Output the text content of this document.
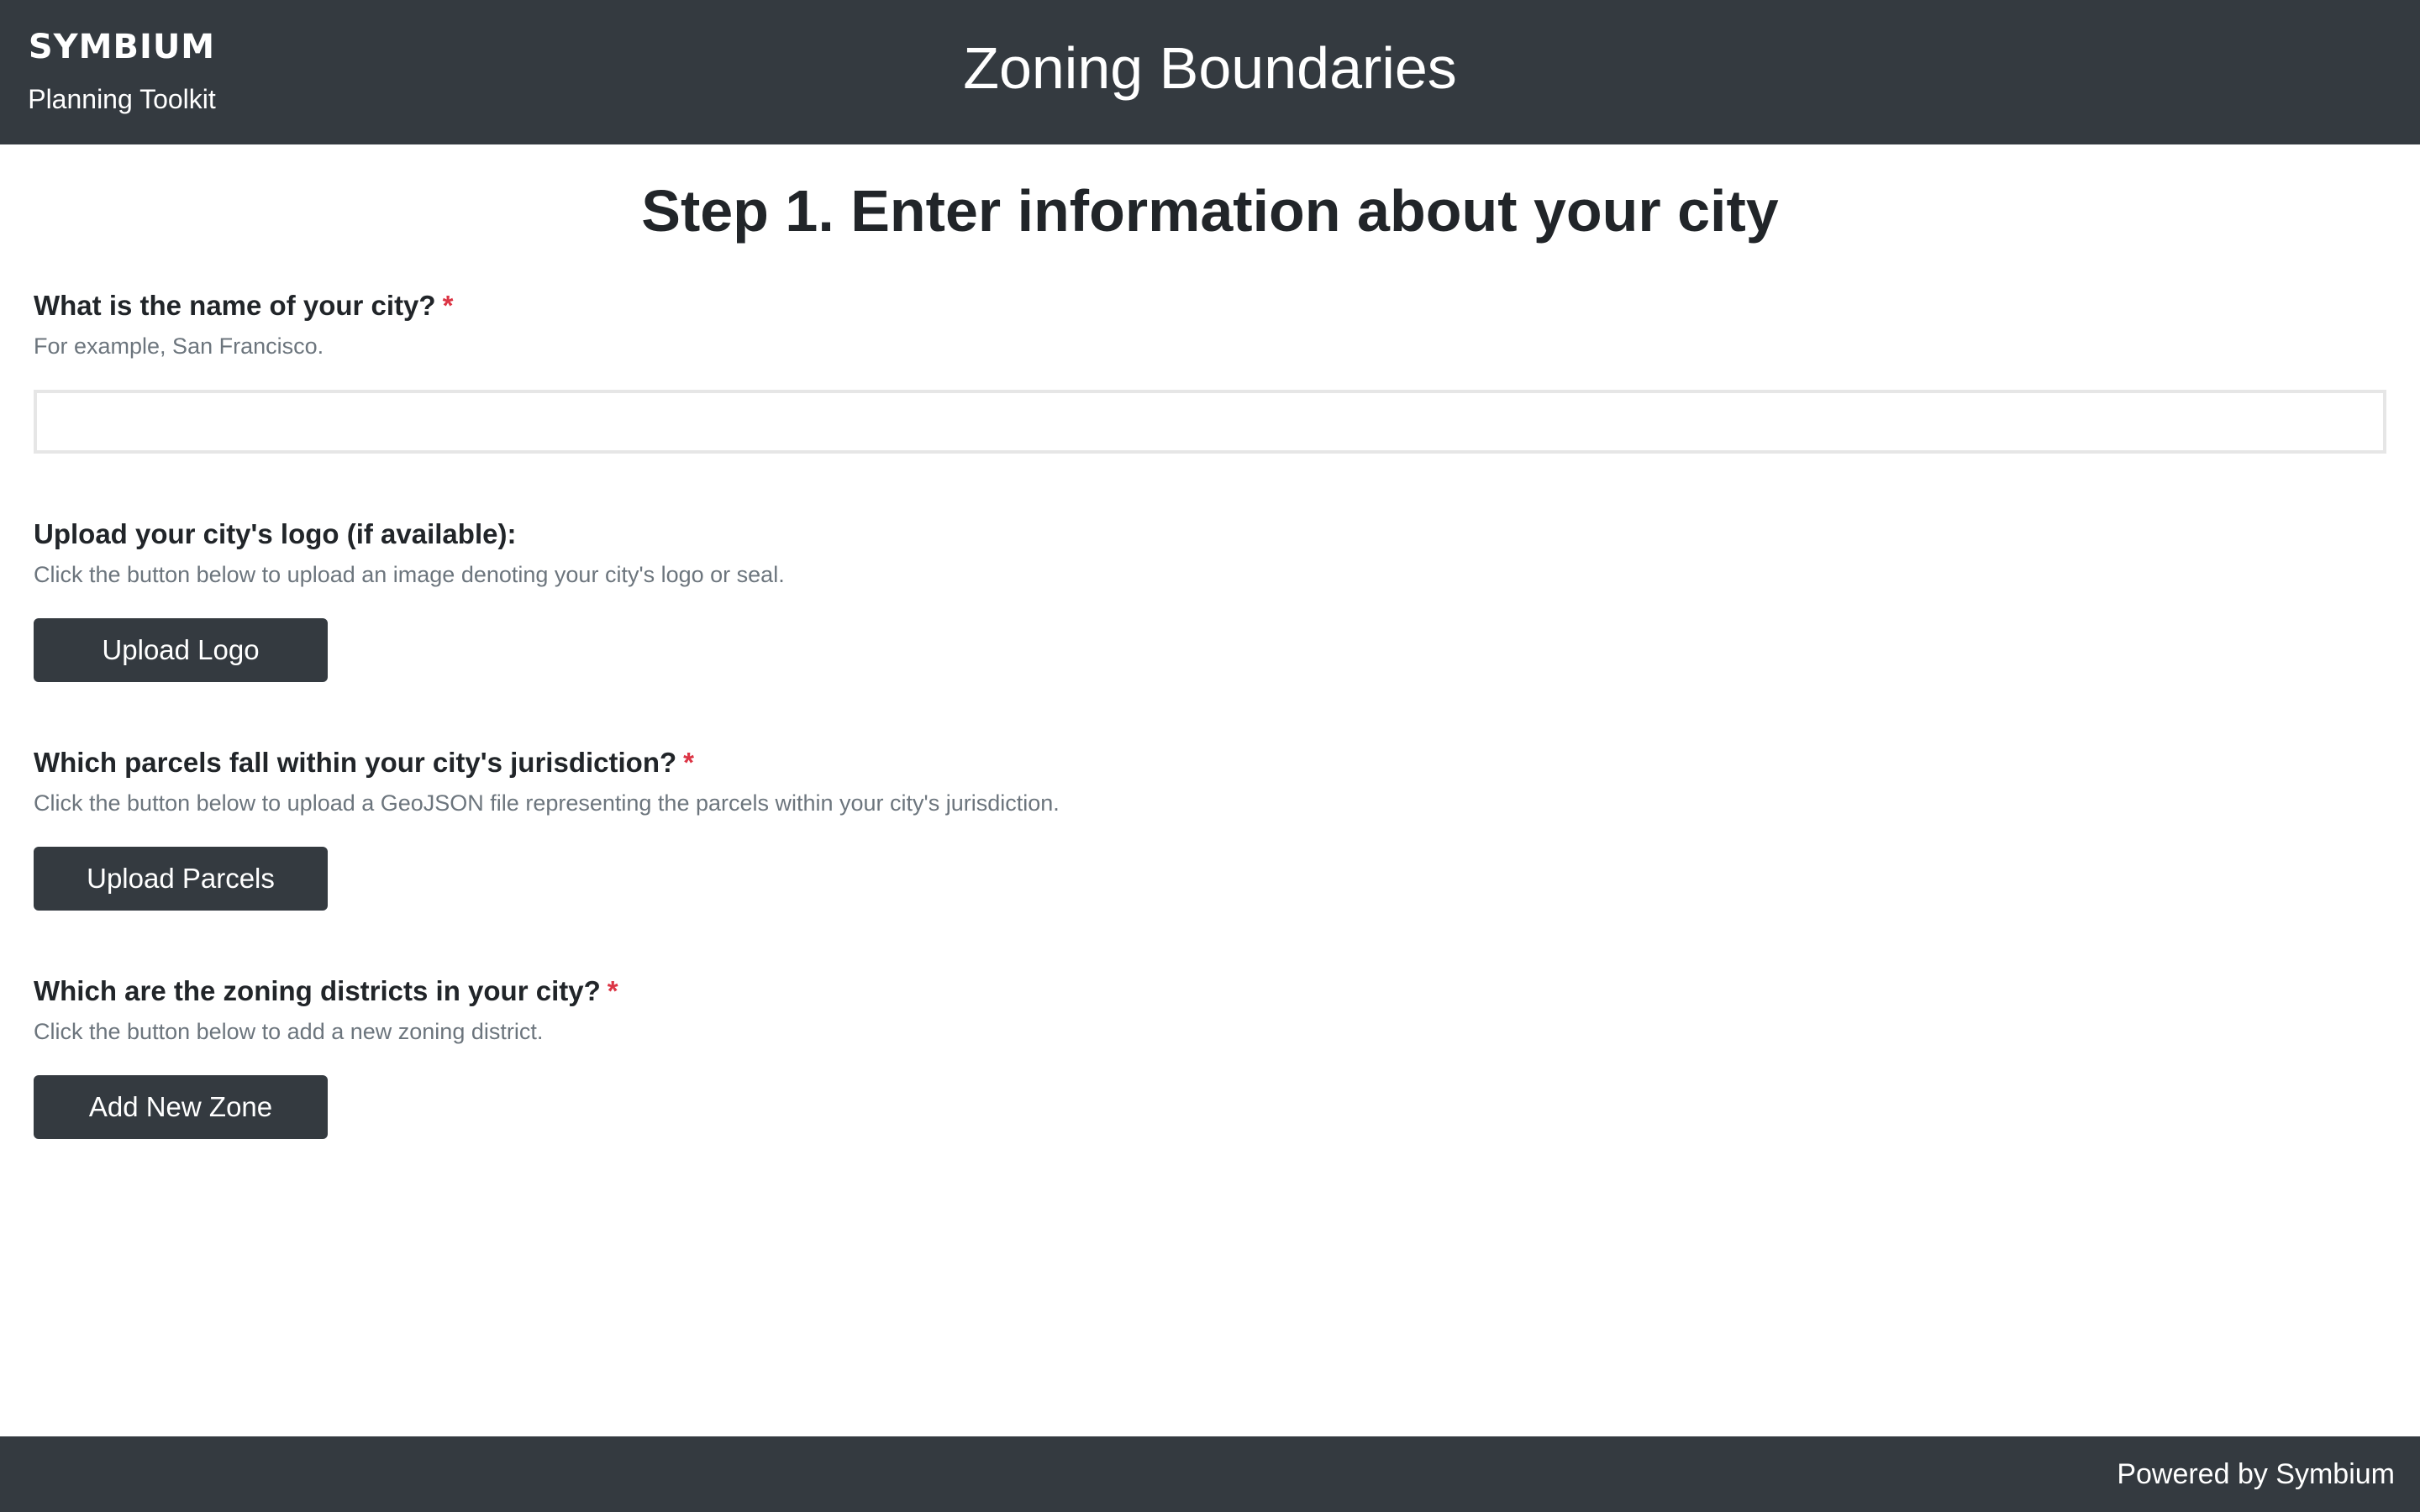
SYMBIUM
Planning Toolkit	Zoning Boundaries
Step 1. Enter information about your city
What is the name of your city? *
For example, San Francisco.
Upload your city's logo (if available):
Click the button below to upload an image denoting your city's logo or seal.
Upload Logo
Which parcels fall within your city's jurisdiction? *
Click the button below to upload a GeoJSON file representing the parcels within your city's jurisdiction.
Upload Parcels
Which are the zoning districts in your city? *
Click the button below to add a new zoning district.
Add New Zone
Powered by Symbium
